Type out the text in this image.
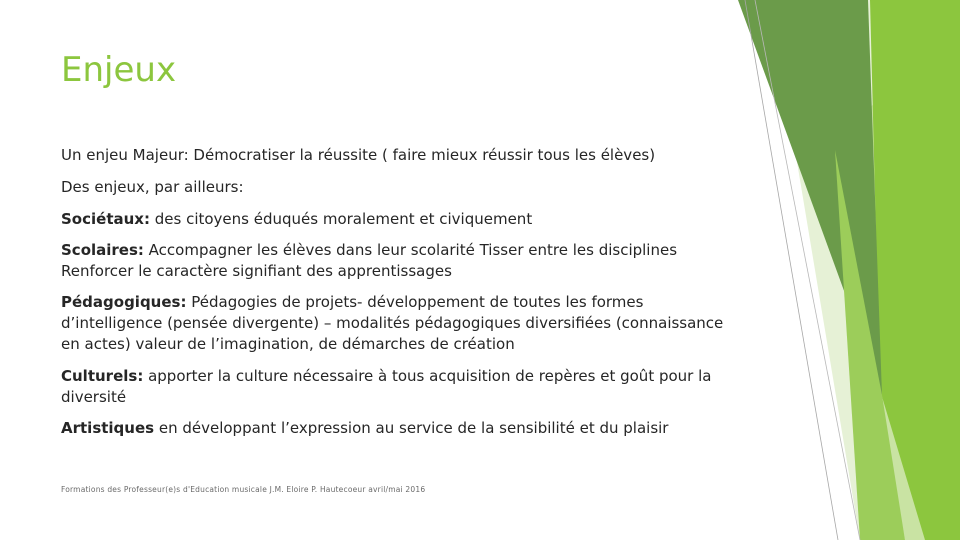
Enjeux

Un enjeu Majeur: Démocratiser la réussite ( faire mieux réussir tous les élèves)

Des enjeux, par ailleurs:

Sociétaux: des citoyens éduqués moralement et civiquement

Scolaires: Accompagner les élèves dans leur scolarité Tisser entre les disciplines Renforcer le caractère signifiant des apprentissages

Pédagogiques: Pédagogies de projets- développement de toutes les formes d’intelligence (pensée divergente) – modalités pédagogiques diversifiées (connaissance en actes) valeur de l’imagination, de démarches de création

Culturels: apporter la culture nécessaire à tous acquisition de repères et goût pour la diversité

Artistiques en développant l’expression au service de la sensibilité et du plaisir

Formations des Professeur(e)s d'Education musicale J.M. Eloire P. Hautecoeur avril/mai 2016
